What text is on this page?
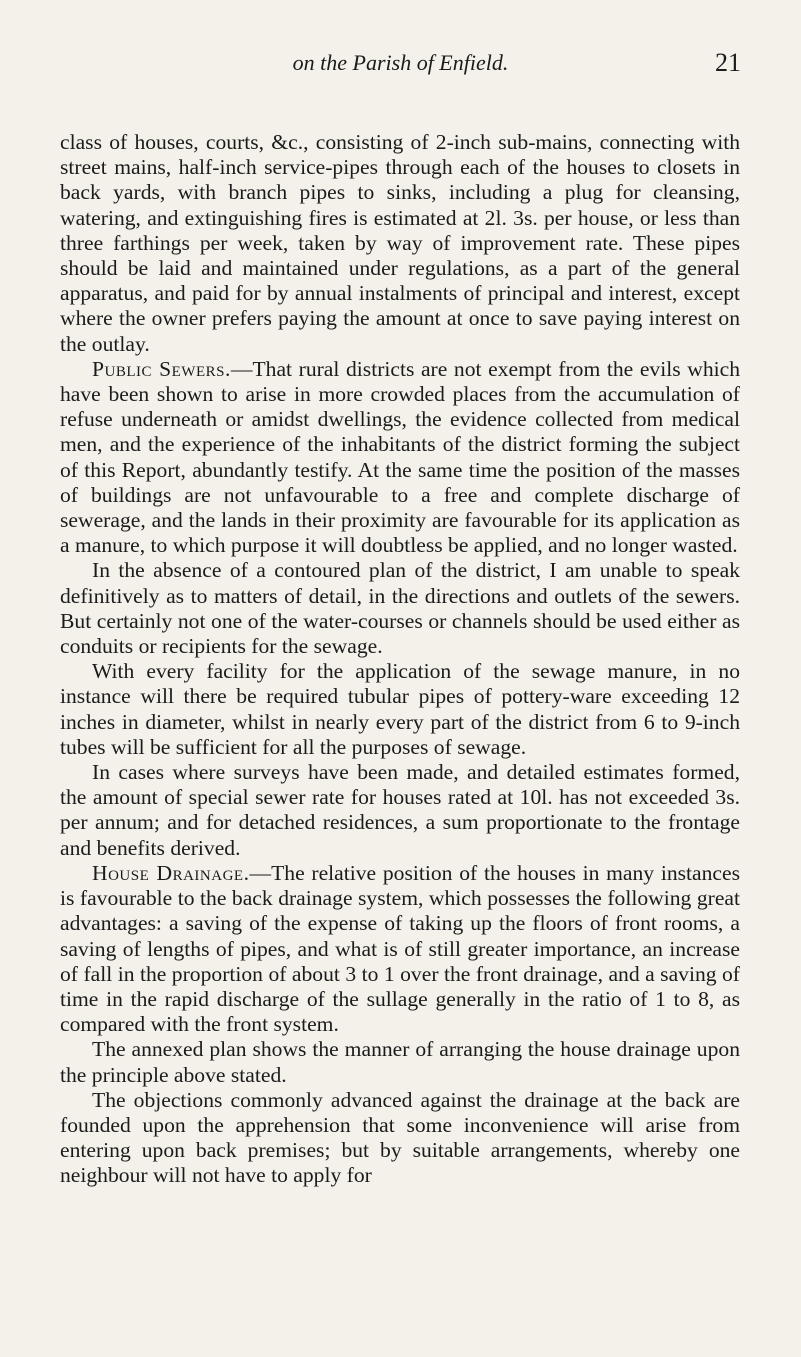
on the Parish of Enfield.	21

class of houses, courts, &c., consisting of 2-inch sub-mains, connecting with street mains, half-inch service-pipes through each of the houses to closets in back yards, with branch pipes to sinks, including a plug for cleansing, watering, and extinguishing fires is estimated at 2l. 3s. per house, or less than three farthings per week, taken by way of improvement rate. These pipes should be laid and maintained under regulations, as a part of the general apparatus, and paid for by annual instalments of principal and interest, except where the owner prefers paying the amount at once to save paying interest on the outlay.

Public Sewers.—That rural districts are not exempt from the evils which have been shown to arise in more crowded places from the accumulation of refuse underneath or amidst dwellings, the evidence collected from medical men, and the experience of the inhabitants of the district forming the subject of this Report, abundantly testify. At the same time the position of the masses of buildings are not unfavourable to a free and complete discharge of sewerage, and the lands in their proximity are favourable for its application as a manure, to which purpose it will doubtless be applied, and no longer wasted.

In the absence of a contoured plan of the district, I am unable to speak definitively as to matters of detail, in the directions and outlets of the sewers. But certainly not one of the water-courses or channels should be used either as conduits or recipients for the sewage.

With every facility for the application of the sewage manure, in no instance will there be required tubular pipes of pottery-ware exceeding 12 inches in diameter, whilst in nearly every part of the district from 6 to 9-inch tubes will be sufficient for all the purposes of sewage.

In cases where surveys have been made, and detailed estimates formed, the amount of special sewer rate for houses rated at 10l. has not exceeded 3s. per annum; and for detached residences, a sum proportionate to the frontage and benefits derived.

House Drainage.—The relative position of the houses in many instances is favourable to the back drainage system, which possesses the following great advantages: a saving of the expense of taking up the floors of front rooms, a saving of lengths of pipes, and what is of still greater importance, an increase of fall in the proportion of about 3 to 1 over the front drainage, and a saving of time in the rapid discharge of the sullage generally in the ratio of 1 to 8, as compared with the front system.

The annexed plan shows the manner of arranging the house drainage upon the principle above stated.

The objections commonly advanced against the drainage at the back are founded upon the apprehension that some inconvenience will arise from entering upon back premises; but by suitable arrangements, whereby one neighbour will not have to apply for
